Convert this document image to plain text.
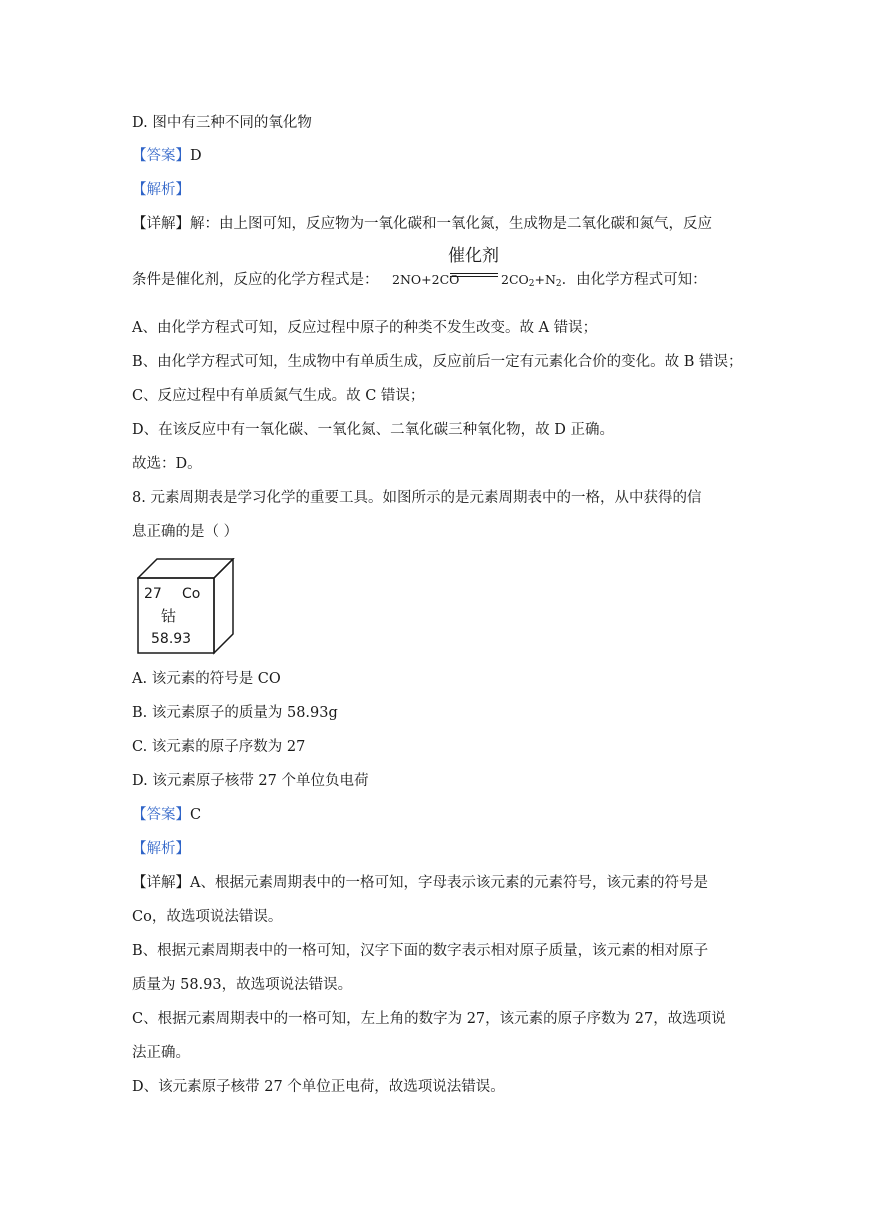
D. 图中有三种不同的氧化物
【答案】D
【解析】
【详解】解：由上图可知，反应物为一氧化碳和一氧化氮，生成物是二氧化碳和氮气，反应
催化剂
条件是催化剂，反应的化学方程式是： 2NO+2CO	$2CO_2+N_2$．由化学方程式可知：
A、由化学方程式可知，反应过程中原子的种类不发生改变。故 A 错误；
B、由化学方程式可知，生成物中有单质生成，反应前后一定有元素化合价的变化。故 B 错误；
C、反应过程中有单质氮气生成。故 C 错误；
D、在该反应中有一氧化碳、一氧化氮、二氧化碳三种氧化物，故 D 正确。
故选：D。
8. 元素周期表是学习化学的重要工具。如图所示的是元素周期表中的一格，从中获得的信
息正确的是（ ）
27 Co
钴
58.93
A. 该元素的符号是 CO
B. 该元素原子的质量为 58.93g
C. 该元素的原子序数为 27
D. 该元素原子核带 27 个单位负电荷
【答案】C
【解析】
【详解】A、根据元素周期表中的一格可知，字母表示该元素的元素符号，该元素的符号是
Co，故选项说法错误。
B、根据元素周期表中的一格可知，汉字下面的数字表示相对原子质量，该元素的相对原子
质量为 58.93，故选项说法错误。
C、根据元素周期表中的一格可知，左上角的数字为 27，该元素的原子序数为 27，故选项说
法正确。
D、该元素原子核带 27 个单位正电荷，故选项说法错误。
